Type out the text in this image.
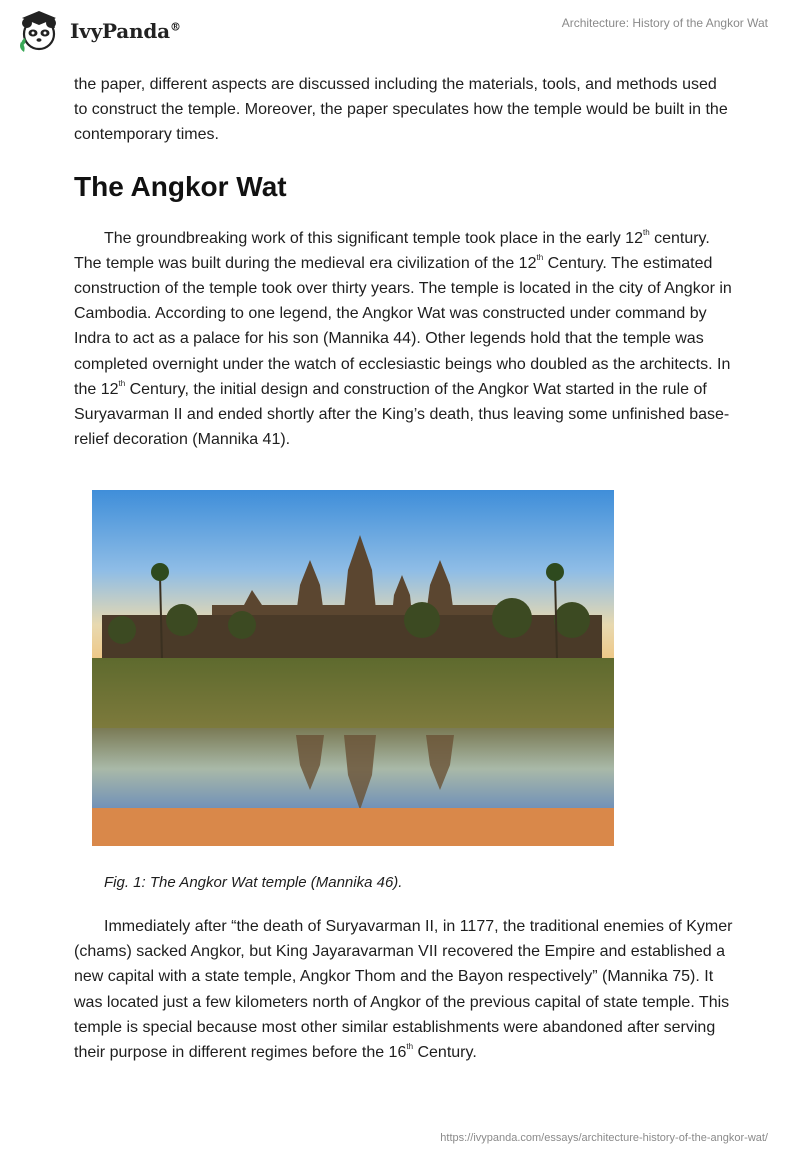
IvyPanda®	Architecture: History of the Angkor Wat

the paper, different aspects are discussed including the materials, tools, and methods used to construct the temple. Moreover, the paper speculates how the temple would be built in the contemporary times.

The Angkor Wat

The groundbreaking work of this significant temple took place in the early 12th century. The temple was built during the medieval era civilization of the 12th Century. The estimated construction of the temple took over thirty years. The temple is located in the city of Angkor in Cambodia. According to one legend, the Angkor Wat was constructed under command by Indra to act as a palace for his son (Mannika 44). Other legends hold that the temple was completed overnight under the watch of ecclesiastic beings who doubled as the architects. In the 12th Century, the initial design and construction of the Angkor Wat started in the rule of Suryavarman II and ended shortly after the King’s death, thus leaving some unfinished base-relief decoration (Mannika 41).

Fig. 1: The Angkor Wat temple (Mannika 46).

Immediately after “the death of Suryavarman II, in 1177, the traditional enemies of Kymer (chams) sacked Angkor, but King Jayaravarman VII recovered the Empire and established a new capital with a state temple, Angkor Thom and the Bayon respectively” (Mannika 75). It was located just a few kilometers north of Angkor of the previous capital of state temple. This temple is special because most other similar establishments were abandoned after serving their purpose in different regimes before the 16th Century.

https://ivypanda.com/essays/architecture-history-of-the-angkor-wat/
